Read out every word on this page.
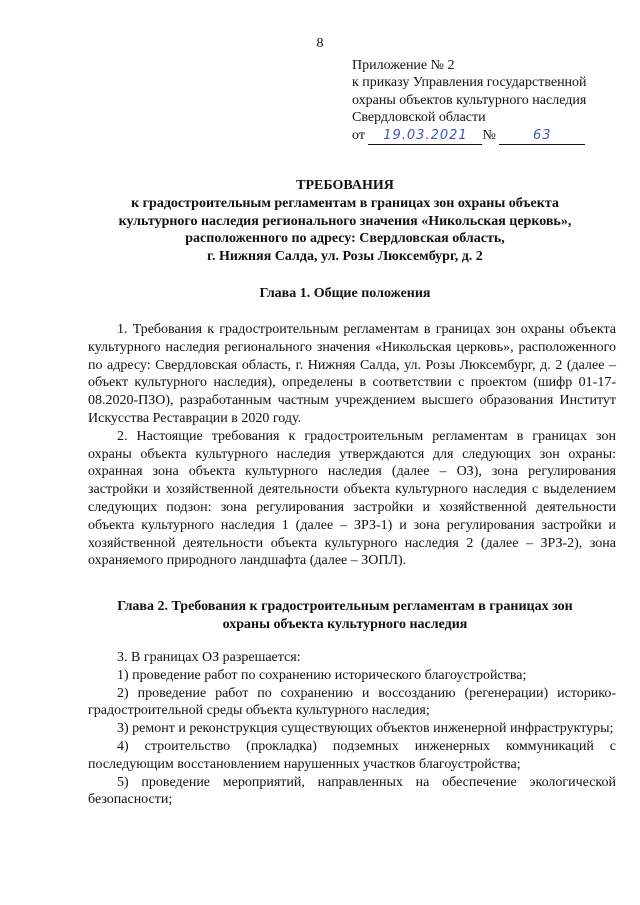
8
Приложение № 2
к приказу Управления государственной
охраны объектов культурного наследия
Свердловской области
от 19.03.2021 №	63
ТРЕБОВАНИЯ
к градостроительным регламентам в границах зон охраны объекта
культурного наследия регионального значения «Никольская церковь»,
расположенного по адресу: Свердловская область,
г. Нижняя Салда, ул. Розы Люксембург, д. 2
Глава 1. Общие положения

1. Требования к градостроительным регламентам в границах зон охраны объекта культурного наследия регионального значения «Никольская церковь», расположенного по адресу: Свердловская область, г. Нижняя Салда, ул. Розы Люксембург, д. 2 (далее – объект культурного наследия), определены в соответствии с проектом (шифр 01-17-08.2020-ПЗО), разработанным частным учреждением высшего образования Институт Искусства Реставрации в 2020 году.

2. Настоящие требования к градостроительным регламентам в границах зон охраны объекта культурного наследия утверждаются для следующих зон охраны: охранная зона объекта культурного наследия (далее – ОЗ), зона регулирования застройки и хозяйственной деятельности объекта культурного наследия с выделением следующих подзон: зона регулирования застройки и хозяйственной деятельности объекта культурного наследия 1 (далее – ЗРЗ-1) и зона регулирования застройки и хозяйственной деятельности объекта культурного наследия 2 (далее – ЗРЗ-2), зона охраняемого природного ландшафта (далее – ЗОПЛ).

Глава 2. Требования к градостроительным регламентам в границах зон
охраны объекта культурного наследия

3. В границах ОЗ разрешается:

1) проведение работ по сохранению исторического благоустройства;

2) проведение работ по сохранению и воссозданию (регенерации) историко-градостроительной среды объекта культурного наследия;

3) ремонт и реконструкция существующих объектов инженерной инфраструктуры;

4) строительство (прокладка) подземных инженерных коммуникаций с последующим восстановлением нарушенных участков благоустройства;

5) проведение мероприятий, направленных на обеспечение экологической безопасности;
